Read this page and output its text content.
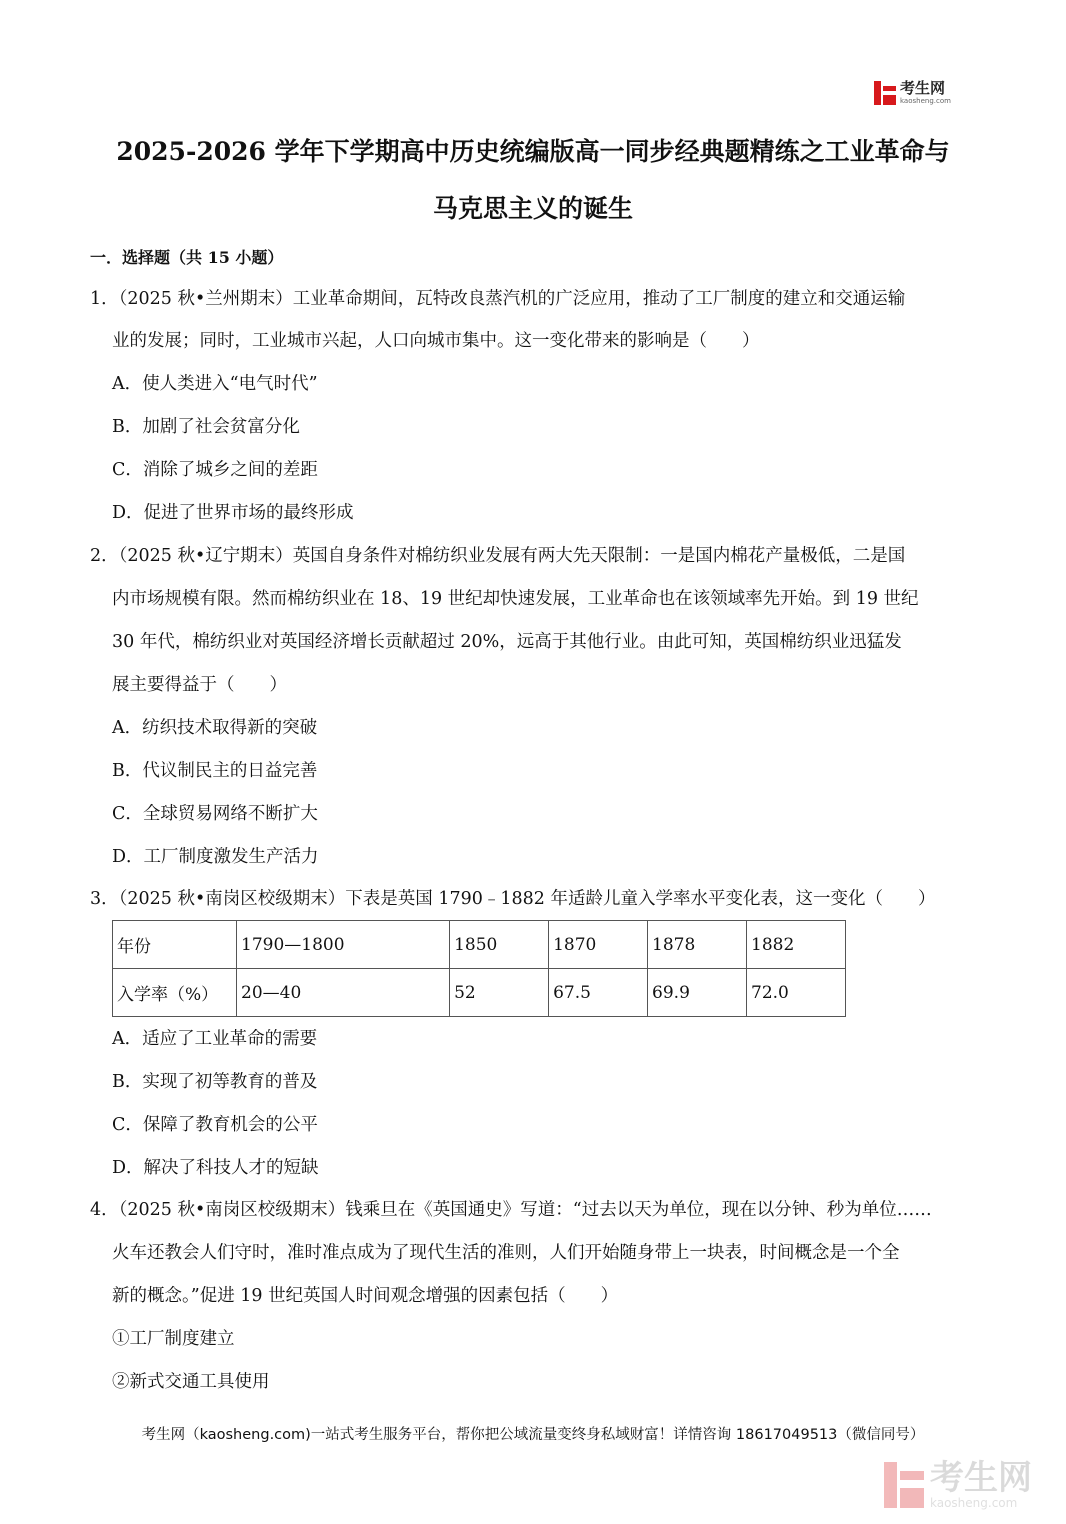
考生网
kaosheng.com
2025-2026 学年下学期高中历史统编版高一同步经典题精练之工业革命与
马克思主义的诞生
一．选择题（共 15 小题）
1．（2025 秋•兰州期末）工业革命期间，瓦特改良蒸汽机的广泛应用，推动了工厂制度的建立和交通运输
业的发展；同时，工业城市兴起，人口向城市集中。这一变化带来的影响是（　　）
A．使人类进入“电气时代”
B．加剧了社会贫富分化
C．消除了城乡之间的差距
D．促进了世界市场的最终形成
2．（2025 秋•辽宁期末）英国自身条件对棉纺织业发展有两大先天限制：一是国内棉花产量极低，二是国
内市场规模有限。然而棉纺织业在 18、19 世纪却快速发展，工业革命也在该领域率先开始。到 19 世纪
30 年代，棉纺织业对英国经济增长贡献超过 20%，远高于其他行业。由此可知，英国棉纺织业迅猛发
展主要得益于（　　）
A．纺织技术取得新的突破
B．代议制民主的日益完善
C．全球贸易网络不断扩大
D．工厂制度激发生产活力
3．（2025 秋•南岗区校级期末）下表是英国 1790﹣1882 年适龄儿童入学率水平变化表，这一变化（　　）
年份	1790—1800	1850	1870	1878	1882
入学率（%）	20—40	52	67.5	69.9	72.0
A．适应了工业革命的需要
B．实现了初等教育的普及
C．保障了教育机会的公平
D．解决了科技人才的短缺
4．（2025 秋•南岗区校级期末）钱乘旦在《英国通史》写道：“过去以天为单位，现在以分钟、秒为单位……
火车还教会人们守时，准时准点成为了现代生活的准则，人们开始随身带上一块表，时间概念是一个全
新的概念。”促进 19 世纪英国人时间观念增强的因素包括（　　）
①工厂制度建立
②新式交通工具使用
考生网（kaosheng.com)一站式考生服务平台，帮你把公域流量变终身私域财富！详情咨询 18617049513（微信同号）
考生网
kaosheng.com
